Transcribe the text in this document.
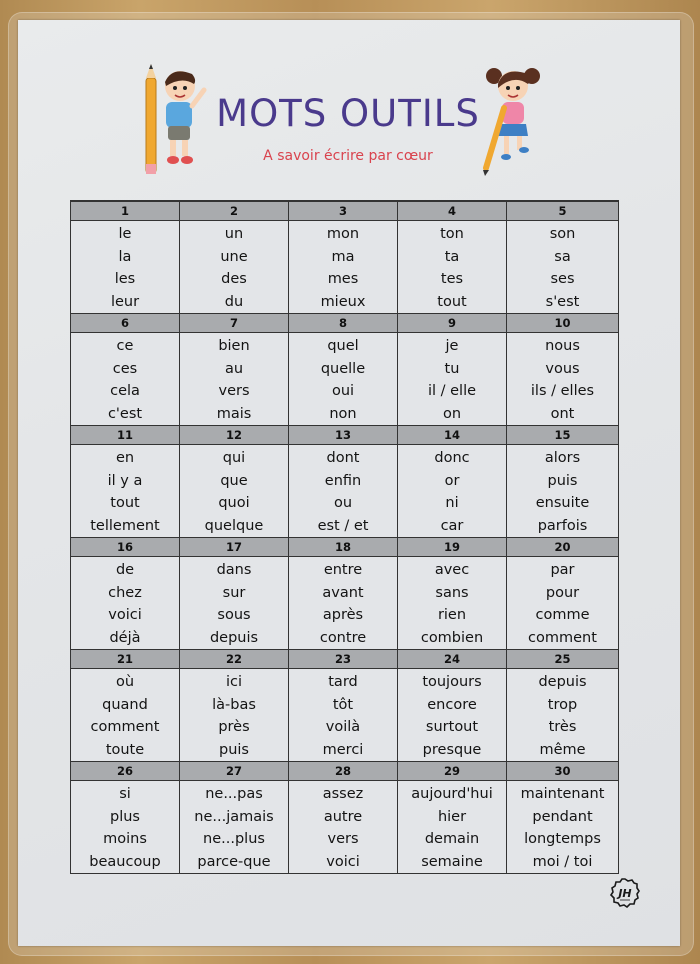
MOTS OUTILS
A savoir écrire par cœur
1
le
la
les
leur
2
un
une
des
du
3
mon
ma
mes
mieux
4
ton
ta
tes
tout
5
son
sa
ses
s'est
6
ce
ces
cela
c'est
7
bien
au
vers
mais
8
quel
quelle
oui
non
9
je
tu
il / elle
on
10
nous
vous
ils / elles
ont
11
en
il y a
tout
tellement
12
qui
que
quoi
quelque
13
dont
enfin
ou
est / et
14
donc
or
ni
car
15
alors
puis
ensuite
parfois
16
de
chez
voici
déjà
17
dans
sur
sous
depuis
18
entre
avant
après
contre
19
avec
sans
rien
combien
20
par
pour
comme
comment
21
où
quand
comment
toute
22
ici
là-bas
près
puis
23
tard
tôt
voilà
merci
24
toujours
encore
surtout
presque
25
depuis
trop
très
même
26
si
plus
moins
beaucoup
27
ne...pas
ne...jamais
ne...plus
parce-que
28
assez
autre
vers
voici
29
aujourd'hui
hier
demain
semaine
30
maintenant
pendant
longtemps
moi / toi
JH
